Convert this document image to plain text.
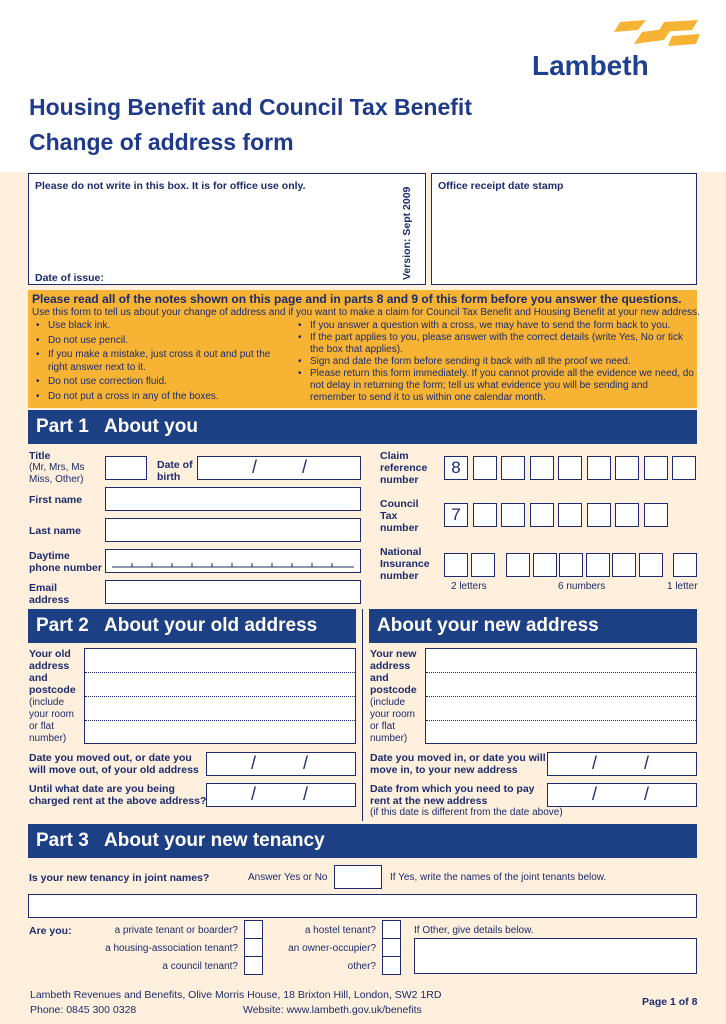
Lambeth
Housing Benefit and Council Tax Benefit
Change of address form
Please do not write in this box. It is for office use only.
Date of issue:	Version: Sept 2009
Office receipt date stamp
Please read all of the notes shown on this page and in parts 8 and 9 of this form before you answer the questions.
Use this form to tell us about your change of address and if you want to make a claim for Council Tax Benefit and Housing Benefit at your new address.
• Use black ink.
• Do not use pencil.
• If you make a mistake, just cross it out and put the right answer next to it.
• Do not use correction fluid.
• Do not put a cross in any of the boxes.
• If you answer a question with a cross, we may have to send the form back to you.
• If the part applies to you, please answer with the correct details (write Yes, No or tick the box that applies).
• Sign and date the form before sending it back with all the proof we need.
• Please return this form immediately. If you cannot provide all the evidence we need, do not delay in returning the form; tell us what evidence you will be sending and remember to send it to us within one calendar month.
Part 1 About you
Title
(Mr, Mrs, Ms Miss, Other)
Date of birth	/ /
First name
Last name
Daytime phone number
Email address
Claim reference number
8
Council Tax number
7
National Insurance number
2 letters	6 numbers	1 letter
Part 2 About your old address	About your new address
Your old address and postcode
(include your room or flat number)
Date you moved out, or date you will move out, of your old address	/	/
Until what date are you being charged rent at the above address? /	/
Your new address and postcode
(include your room or flat number)
Date you moved in, or date you will move in, to your new address	/	/
Date from which you need to pay rent at the new address
(if this date is different from the date above)
/	/
Part 3 About your new tenancy
Is your new tenancy in joint names?	Answer Yes or No	If Yes, write the names of the joint tenants below.
Are you:	a private tenant or boarder?
a housing-association tenant?
a council tenant?
a hostel tenant?
an owner-occupier?
other?
If Other, give details below.
Lambeth Revenues and Benefits, Olive Morris House, 18 Brixton Hill, London, SW2 1RD
Phone: 0845 300 0328	Website: www.lambeth.gov.uk/benefits
Page 1 of 8
